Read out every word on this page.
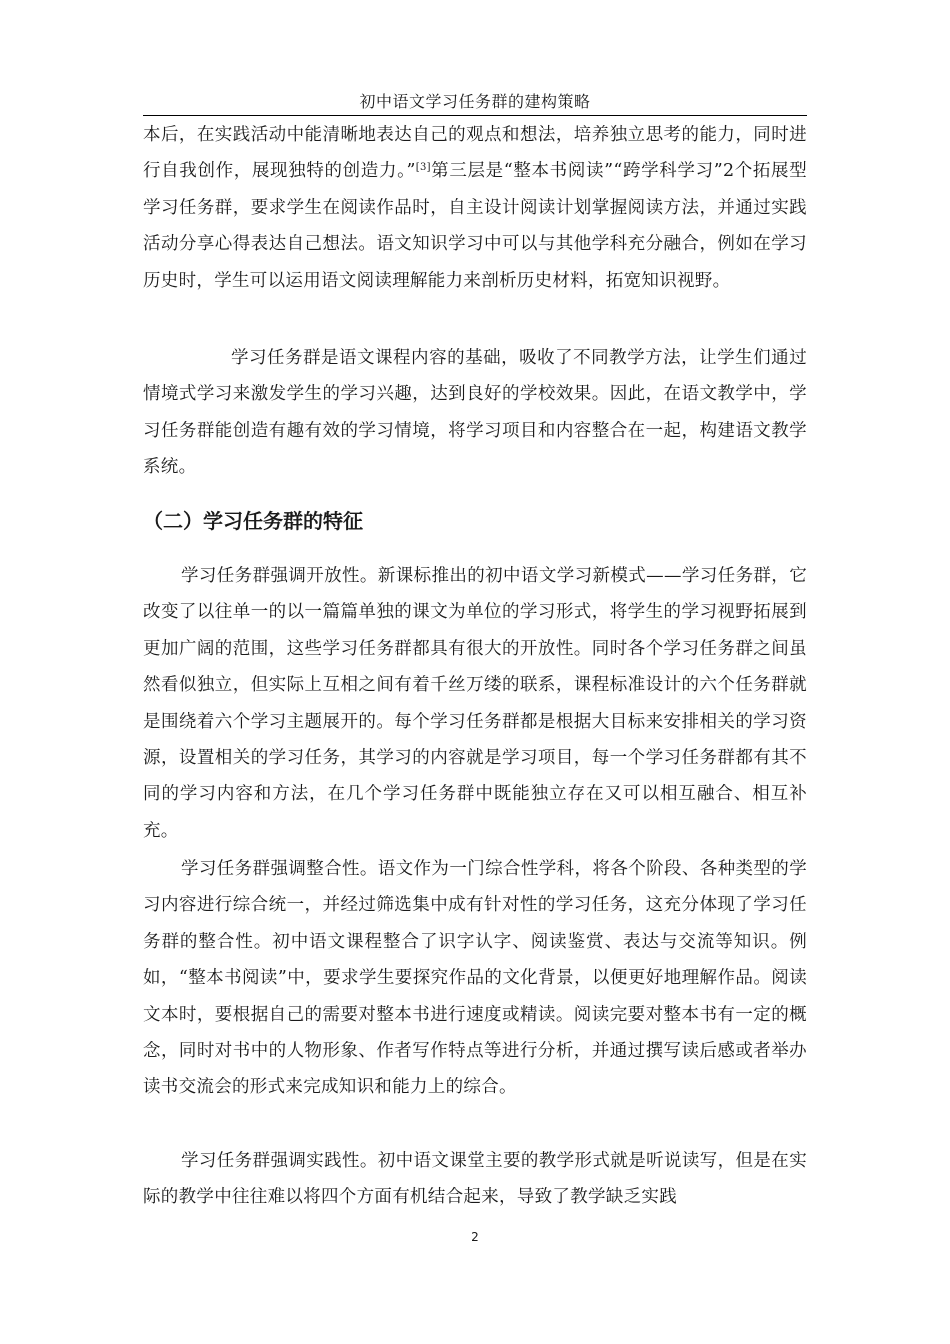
初中语文学习任务群的建构策略

本后，在实践活动中能清晰地表达自己的观点和想法，培养独立思考的能力，同时进行自我创作，展现独特的创造力。”[3]第三层是“整本书阅读”“跨学科学习”2个拓展型学习任务群，要求学生在阅读作品时，自主设计阅读计划掌握阅读方法，并通过实践活动分享心得表达自己想法。语文知识学习中可以与其他学科充分融合，例如在学习历史时，学生可以运用语文阅读理解能力来剖析历史材料，拓宽知识视野。

学习任务群是语文课程内容的基础，吸收了不同教学方法，让学生们通过情境式学习来激发学生的学习兴趣，达到良好的学校效果。因此，在语文教学中，学习任务群能创造有趣有效的学习情境，将学习项目和内容整合在一起，构建语文教学系统。

（二）学习任务群的特征

学习任务群强调开放性。新课标推出的初中语文学习新模式——学习任务群，它改变了以往单一的以一篇篇单独的课文为单位的学习形式，将学生的学习视野拓展到更加广阔的范围，这些学习任务群都具有很大的开放性。同时各个学习任务群之间虽然看似独立，但实际上互相之间有着千丝万缕的联系，课程标准设计的六个任务群就是围绕着六个学习主题展开的。每个学习任务群都是根据大目标来安排相关的学习资源，设置相关的学习任务，其学习的内容就是学习项目，每一个学习任务群都有其不同的学习内容和方法，在几个学习任务群中既能独立存在又可以相互融合、相互补充。

学习任务群强调整合性。语文作为一门综合性学科，将各个阶段、各种类型的学习内容进行综合统一，并经过筛选集中成有针对性的学习任务，这充分体现了学习任务群的整合性。初中语文课程整合了识字认字、阅读鉴赏、表达与交流等知识。例如，“整本书阅读”中，要求学生要探究作品的文化背景，以便更好地理解作品。阅读文本时，要根据自己的需要对整本书进行速度或精读。阅读完要对整本书有一定的概念，同时对书中的人物形象、作者写作特点等进行分析，并通过撰写读后感或者举办读书交流会的形式来完成知识和能力上的综合。

学习任务群强调实践性。初中语文课堂主要的教学形式就是听说读写，但是在实际的教学中往往难以将四个方面有机结合起来，导致了教学缺乏实践

2
